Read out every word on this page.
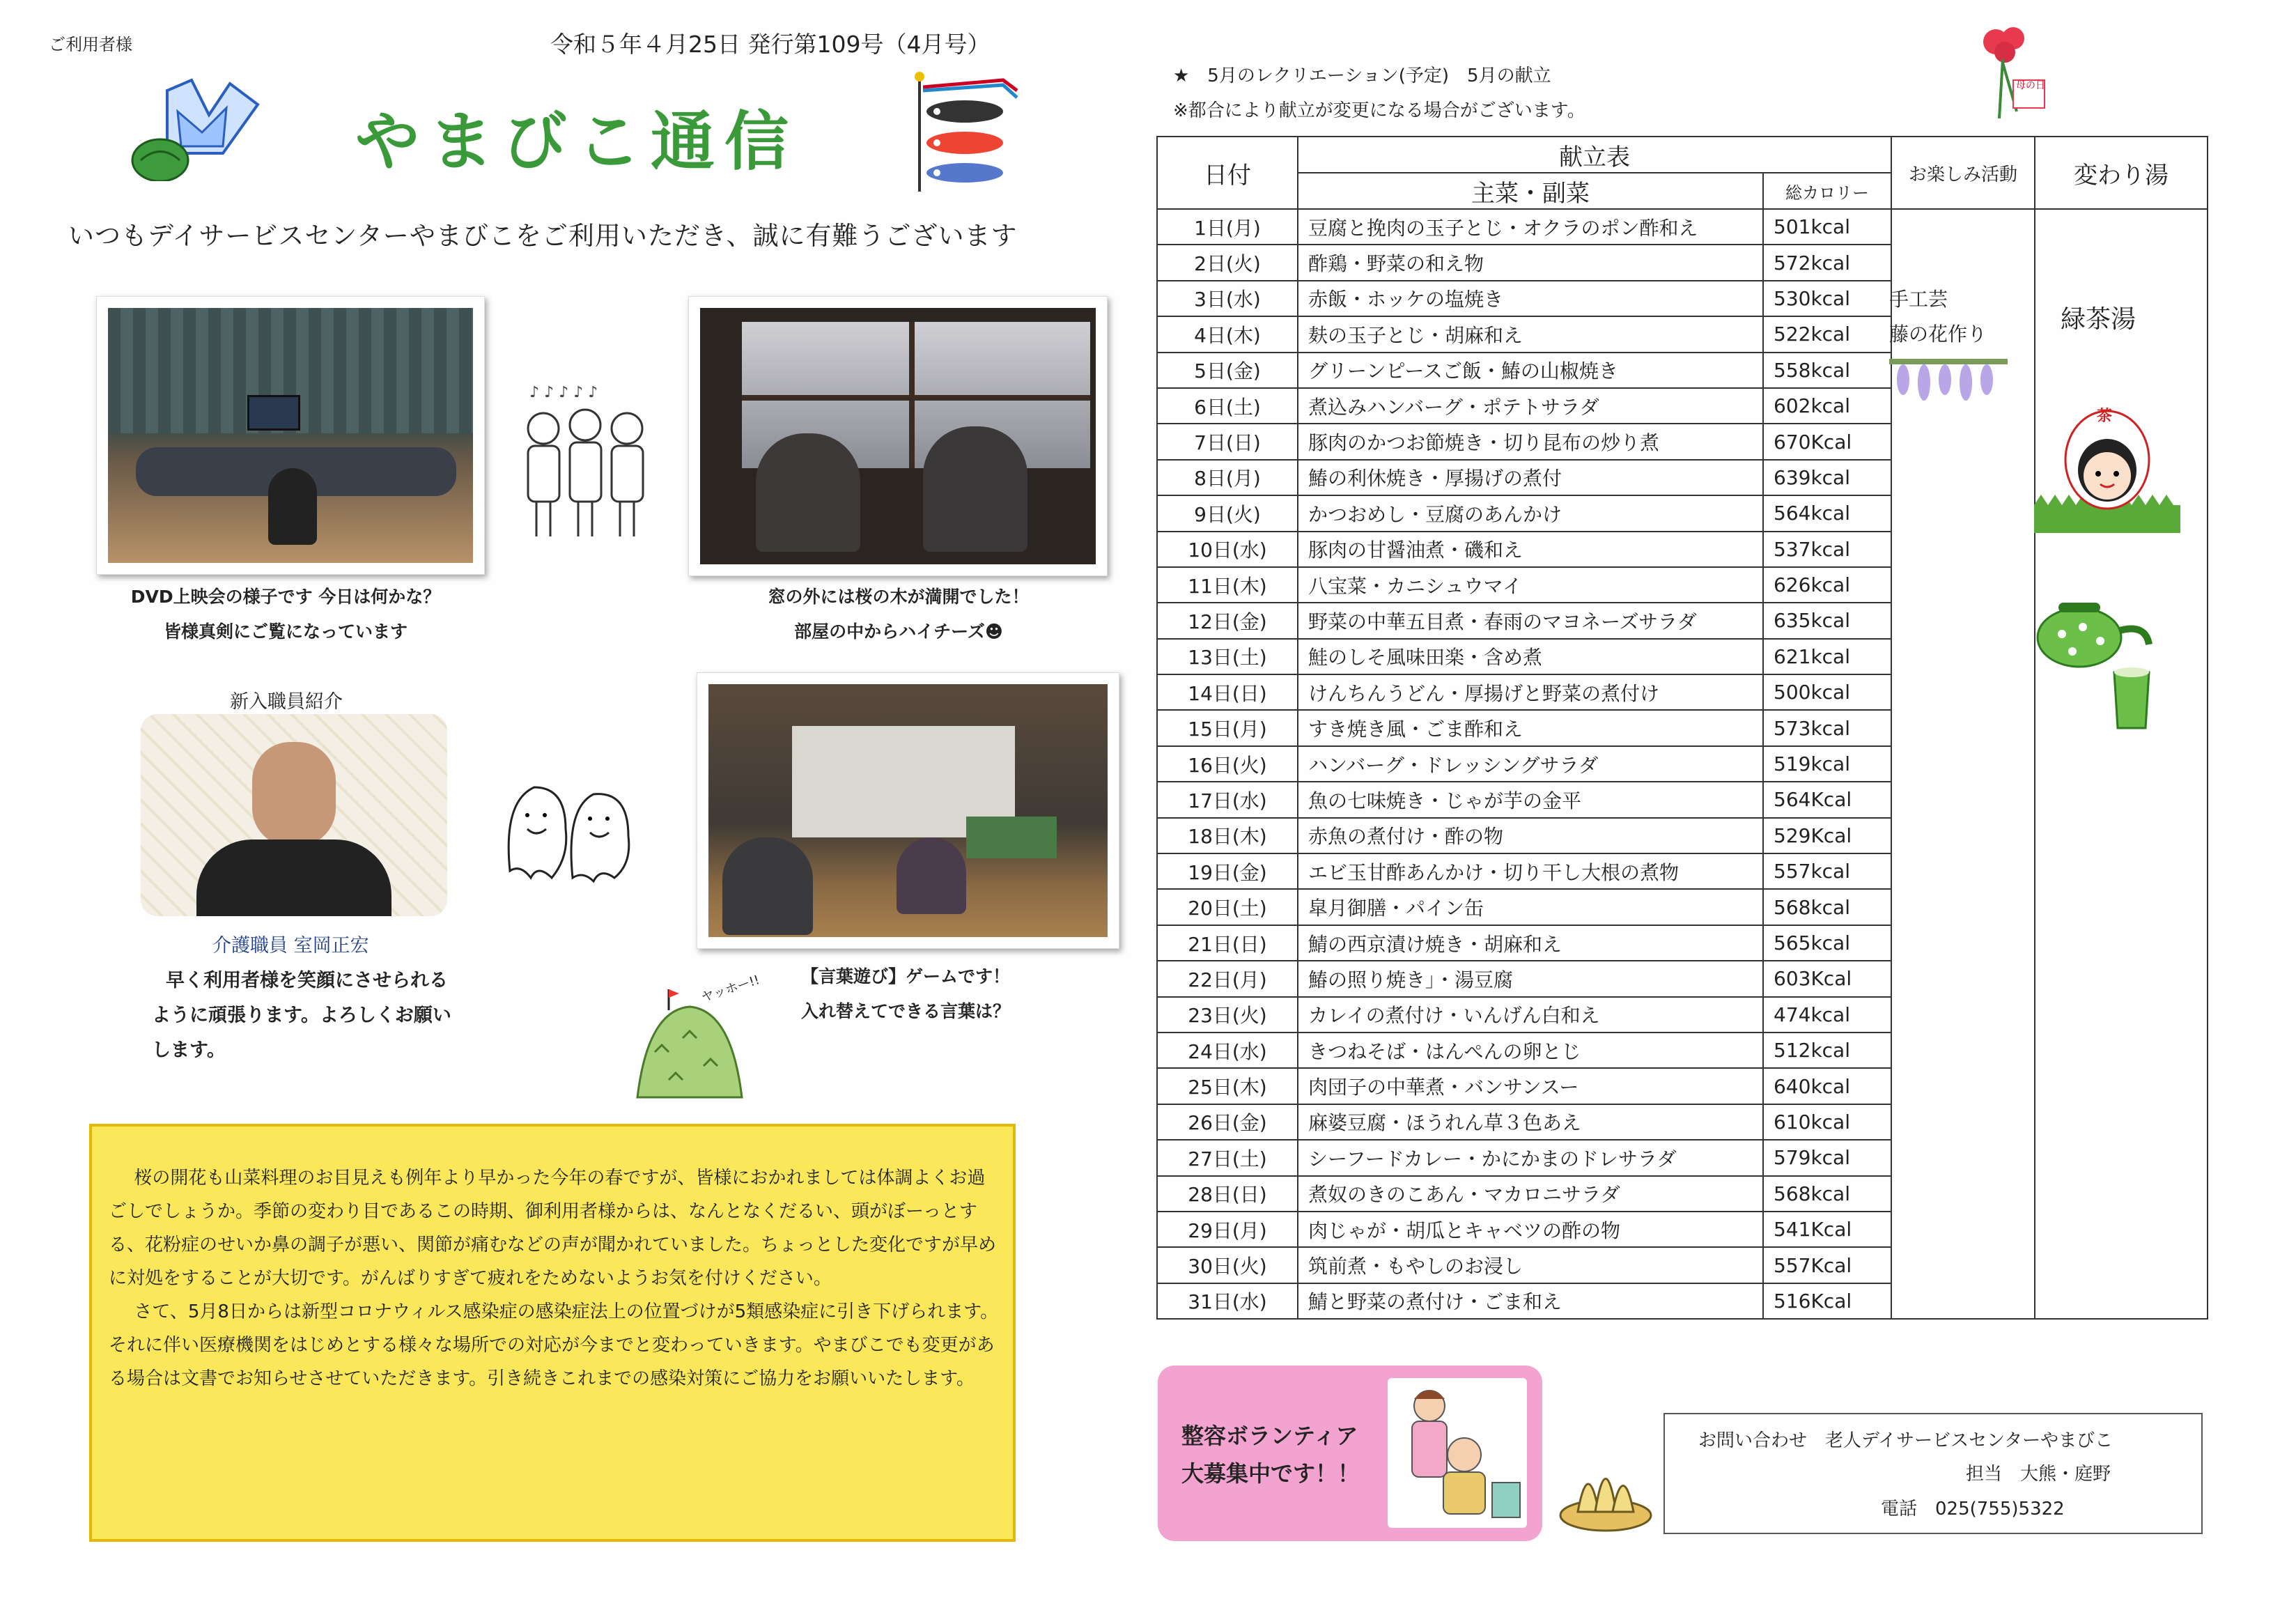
ご利用者様	令和５年４月25日 発行第109号（4月号）
やまびこ通信
いつもデイサービスセンターやまびこをご利用いただき、誠に有難うございます
DVD上映会の様子です 今日は何かな？
皆様真剣にご覧になっています
♪ ♪ ♪ ♪ ♪
窓の外には桜の木が満開でした！
部屋の中からハイチーズ☻
新入職員紹介
介護職員 室岡正宏
早く利用者様を笑顔にさせられる
ように頑張ります。よろしくお願い
します。
【言葉遊び】ゲームです！
入れ替えてできる言葉は？
ヤッホー!!

桜の開花も山菜料理のお目見えも例年より早かった今年の春ですが、皆様におかれましては体調よくお過ごしでしょうか。季節の変わり目であるこの時期、御利用者様からは、なんとなくだるい、頭がぼーっとする、花粉症のせいか鼻の調子が悪い、関節が痛むなどの声が聞かれていました。ちょっとした変化ですが早めに対処をすることが大切です。がんばりすぎて疲れをためないようお気を付けください。

さて、5月8日からは新型コロナウィルス感染症の感染症法上の位置づけが5類感染症に引き下げられます。それに伴い医療機関をはじめとする様々な場所での対応が今までと変わっていきます。やまびこでも変更がある場合は文書でお知らせさせていただきます。引き続きこれまでの感染対策にご協力をお願いいたします。

★　5月のレクリエーション(予定)　5月の献立
※都合により献立が変更になる場合がございます。
母の日
日付	献立表		お楽しみ活動	変わり湯
	主菜・副菜	総カロリー		
1日(月)	豆腐と挽肉の玉子とじ・オクラのポン酢和え	501kcal		
2日(火)	酢鶏・野菜の和え物	572kcal		
3日(水)	赤飯・ホッケの塩焼き	530kcal		
4日(木)	麸の玉子とじ・胡麻和え	522kcal		
5日(金)	グリーンピースご飯・鰆の山椒焼き	558kcal		
6日(土)	煮込みハンバーグ・ポテトサラダ	602kcal		
7日(日)	豚肉のかつお節焼き・切り昆布の炒り煮	670Kcal		
8日(月)	鰆の利休焼き・厚揚げの煮付	639kcal		
9日(火)	かつおめし・豆腐のあんかけ	564kcal		
10日(水)	豚肉の甘醤油煮・磯和え	537kcal		
11日(木)	八宝菜・カニシュウマイ	626kcal		
12日(金)	野菜の中華五目煮・春雨のマヨネーズサラダ	635kcal		
13日(土)	鮭のしそ風味田楽・含め煮	621kcal		
14日(日)	けんちんうどん・厚揚げと野菜の煮付け	500kcal		
15日(月)	すき焼き風・ごま酢和え	573kcal		
16日(火)	ハンバーグ・ドレッシングサラダ	519kcal		
17日(水)	魚の七味焼き・じゃが芋の金平	564Kcal		
18日(木)	赤魚の煮付け・酢の物	529Kcal		
19日(金)	エビ玉甘酢あんかけ・切り干し大根の煮物	557kcal		
20日(土)	皐月御膳・パイン缶	568kcal		
21日(日)	鯖の西京漬け焼き・胡麻和え	565kcal		
22日(月)	鰆の照り焼き」・湯豆腐	603Kcal		
23日(火)	カレイの煮付け・いんげん白和え	474kcal		
24日(水)	きつねそば・はんぺんの卵とじ	512kcal		
25日(木)	肉団子の中華煮・バンサンスー	640kcal		
26日(金)	麻婆豆腐・ほうれん草３色あえ	610kcal		
27日(土)	シーフードカレー・かにかまのドレサラダ	579kcal		
28日(日)	煮奴のきのこあん・マカロニサラダ	568kcal		
29日(月)	肉じゃが・胡瓜とキャベツの酢の物	541Kcal		
30日(火)	筑前煮・もやしのお浸し	557Kcal		
31日(水)	鯖と野菜の煮付け・ごま和え	516Kcal		
手工芸
藤の花作り
緑茶湯
茶
整容ボランティア
大募集中です！！
お問い合わせ　老人デイサービスセンターやまびこ
担当　大熊・庭野
電話　025(755)5322
